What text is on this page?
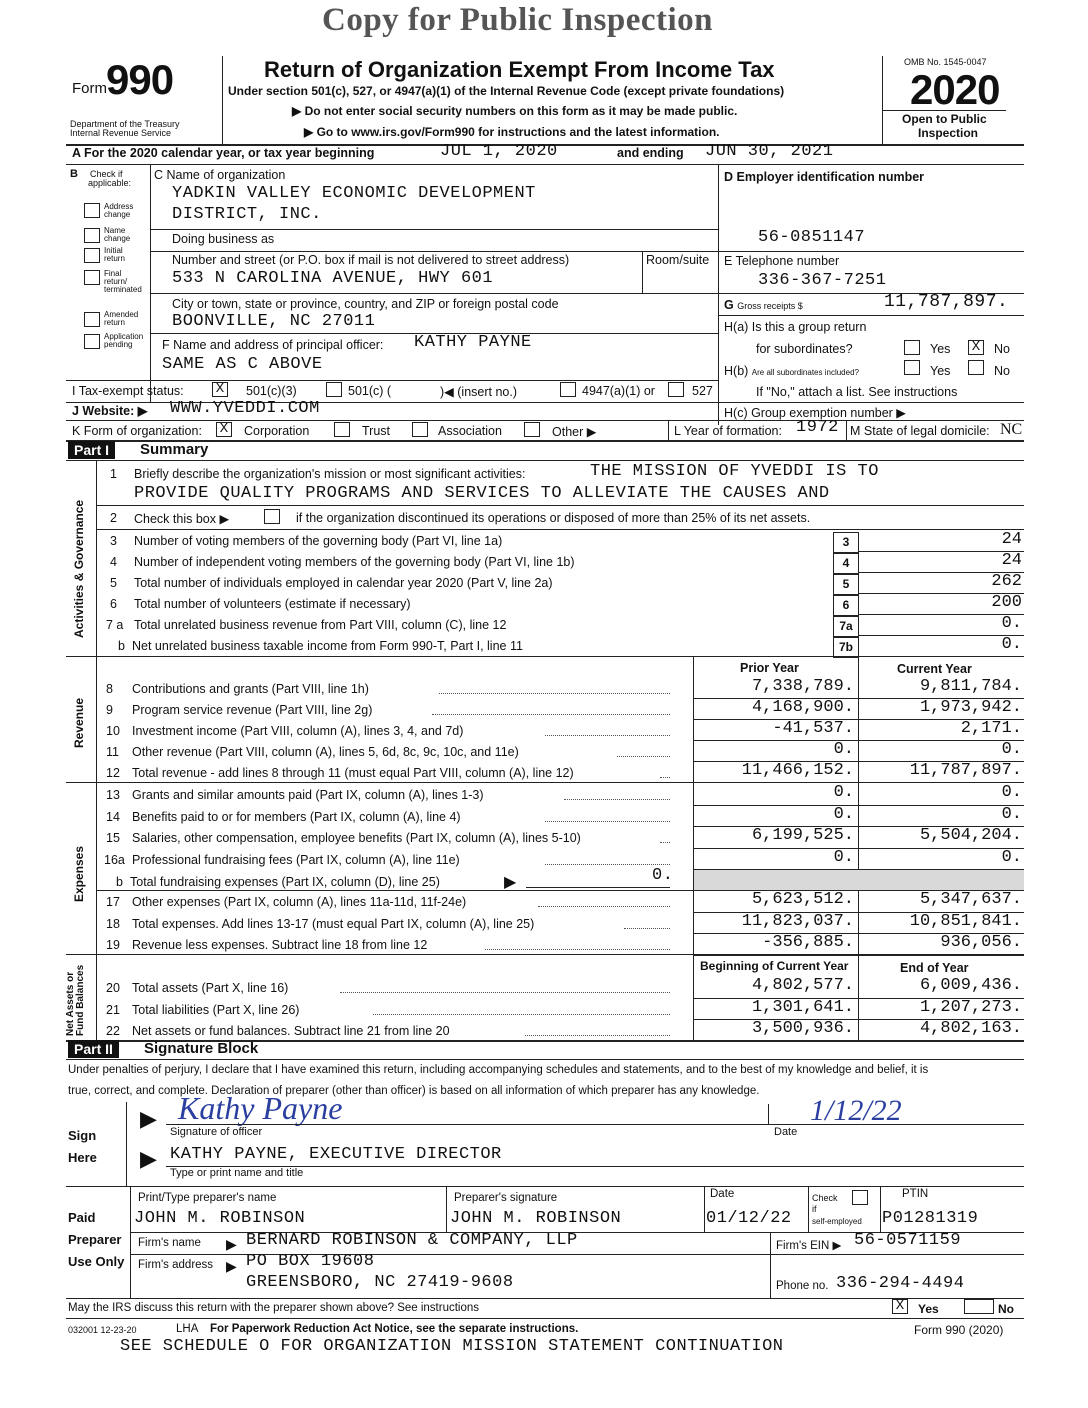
Copy for Public Inspection
Form 990
Department of the Treasury
Internal Revenue Service
Return of Organization Exempt From Income Tax
Under section 501(c), 527, or 4947(a)(1) of the Internal Revenue Code (except private foundations)
▶ Do not enter social security numbers on this form as it may be made public.
▶ Go to www.irs.gov/Form990 for instructions and the latest information.
OMB No. 1545-0047
2020
Open to Public
Inspection
A For the 2020 calendar year, or tax year beginning	JUL 1, 2020	and ending JUN 30, 2021
B Check if
applicable:
Address change
Name change
Initial return
Final return/ terminated
Amended return
Application pending
C Name of organization
YADKIN VALLEY ECONOMIC DEVELOPMENT
DISTRICT, INC.
Doing business as
Number and street (or P.O. box if mail is not delivered to street address)	Room/suite
533 N CAROLINA AVENUE, HWY 601
City or town, state or province, country, and ZIP or foreign postal code
BOONVILLE, NC 27011
F Name and address of principal officer: KATHY PAYNE
SAME AS C ABOVE
D Employer identification number
56-0851147
E Telephone number
336-367-7251
G Gross receipts $	11,787,897.
H(a) Is this a group return
for subordinates?	Yes X	No
H(b) Are all subordinates included?	Yes	No
If "No," attach a list. See instructions
H(c) Group exemption number ▶
I Tax-exempt status: X	501(c)(3)	501(c) (	)◀ (insert no.)	4947(a)(1) or	527
J Website: ▶ WWW.YVEDDI.COM
K Form of organization: X	Corporation	Trust	Association	Other ▶	L Year of formation: 1972 M State of legal domicile: NC
Part I	Summary
Activities & Governance
Revenue
Expenses
Net Assets or Fund Balances
1 Briefly describe the organization's mission or most significant activities:	THE MISSION OF YVEDDI IS TO
PROVIDE QUALITY PROGRAMS AND SERVICES TO ALLEVIATE THE CAUSES AND
2 Check this box ▶	if the organization discontinued its operations or disposed of more than 25% of its net assets.
3 Number of voting members of the governing body (Part VI, line 1a)	3	24
4 Number of independent voting members of the governing body (Part VI, line 1b)	4	24
5 Total number of individuals employed in calendar year 2020 (Part V, line 2a)	5	262
6 Total number of volunteers (estimate if necessary)	6	200
7 a Total unrelated business revenue from Part VIII, column (C), line 12	7a	0.
b Net unrelated business taxable income from Form 990-T, Part I, line 11	7b	0.
Prior Year	Current Year
8 Contributions and grants (Part VIII, line 1h)	7,338,789.	9,811,784.
9 Program service revenue (Part VIII, line 2g)	4,168,900.	1,973,942.
10 Investment income (Part VIII, column (A), lines 3, 4, and 7d)	-41,537.	2,171.
11 Other revenue (Part VIII, column (A), lines 5, 6d, 8c, 9c, 10c, and 11e)	0.	0.
12 Total revenue - add lines 8 through 11 (must equal Part VIII, column (A), line 12)	11,466,152.	11,787,897.
13 Grants and similar amounts paid (Part IX, column (A), lines 1-3)	0.	0.
14 Benefits paid to or for members (Part IX, column (A), line 4)	0.	0.
15 Salaries, other compensation, employee benefits (Part IX, column (A), lines 5-10)	6,199,525.	5,504,204.
16a Professional fundraising fees (Part IX, column (A), line 11e)	0.	0.
b Total fundraising expenses (Part IX, column (D), line 25)	▶	0.
17 Other expenses (Part IX, column (A), lines 11a-11d, 11f-24e)	5,623,512.	5,347,637.
18 Total expenses. Add lines 13-17 (must equal Part IX, column (A), line 25)	11,823,037.	10,851,841.
19 Revenue less expenses. Subtract line 18 from line 12	-356,885.	936,056.
Beginning of Current Year	End of Year
20 Total assets (Part X, line 16)	4,802,577.	6,009,436.
21 Total liabilities (Part X, line 26)	1,301,641.	1,207,273.
22 Net assets or fund balances. Subtract line 21 from line 20	3,500,936.	4,802,163.
Part II	Signature Block
Under penalties of perjury, I declare that I have examined this return, including accompanying schedules and statements, and to the best of my knowledge and belief, it is
true, correct, and complete. Declaration of preparer (other than officer) is based on all information of which preparer has any knowledge.
Sign
Here
▶ Kathy Payne
Signature of officer	Date
1/12/22
▶ KATHY PAYNE, EXECUTIVE DIRECTOR
Type or print name and title
Paid
Preparer
Use Only
Print/Type preparer's name
JOHN M. ROBINSON
Preparer's signature
JOHN M. ROBINSON
Date
01/12/22
Check
if
self-employed
PTIN
P01281319
Firm's name ▶ BERNARD ROBINSON & COMPANY, LLP	Firm's EIN ▶ 56-0571159
Firm's address ▶ PO BOX 19608
GREENSBORO, NC 27419-9608	Phone no. 336-294-4494
May the IRS discuss this return with the preparer shown above? See instructions	X	Yes	No
032001 12-23-20	LHA For Paperwork Reduction Act Notice, see the separate instructions.	Form 990 (2020)
SEE SCHEDULE O FOR ORGANIZATION MISSION STATEMENT CONTINUATION
